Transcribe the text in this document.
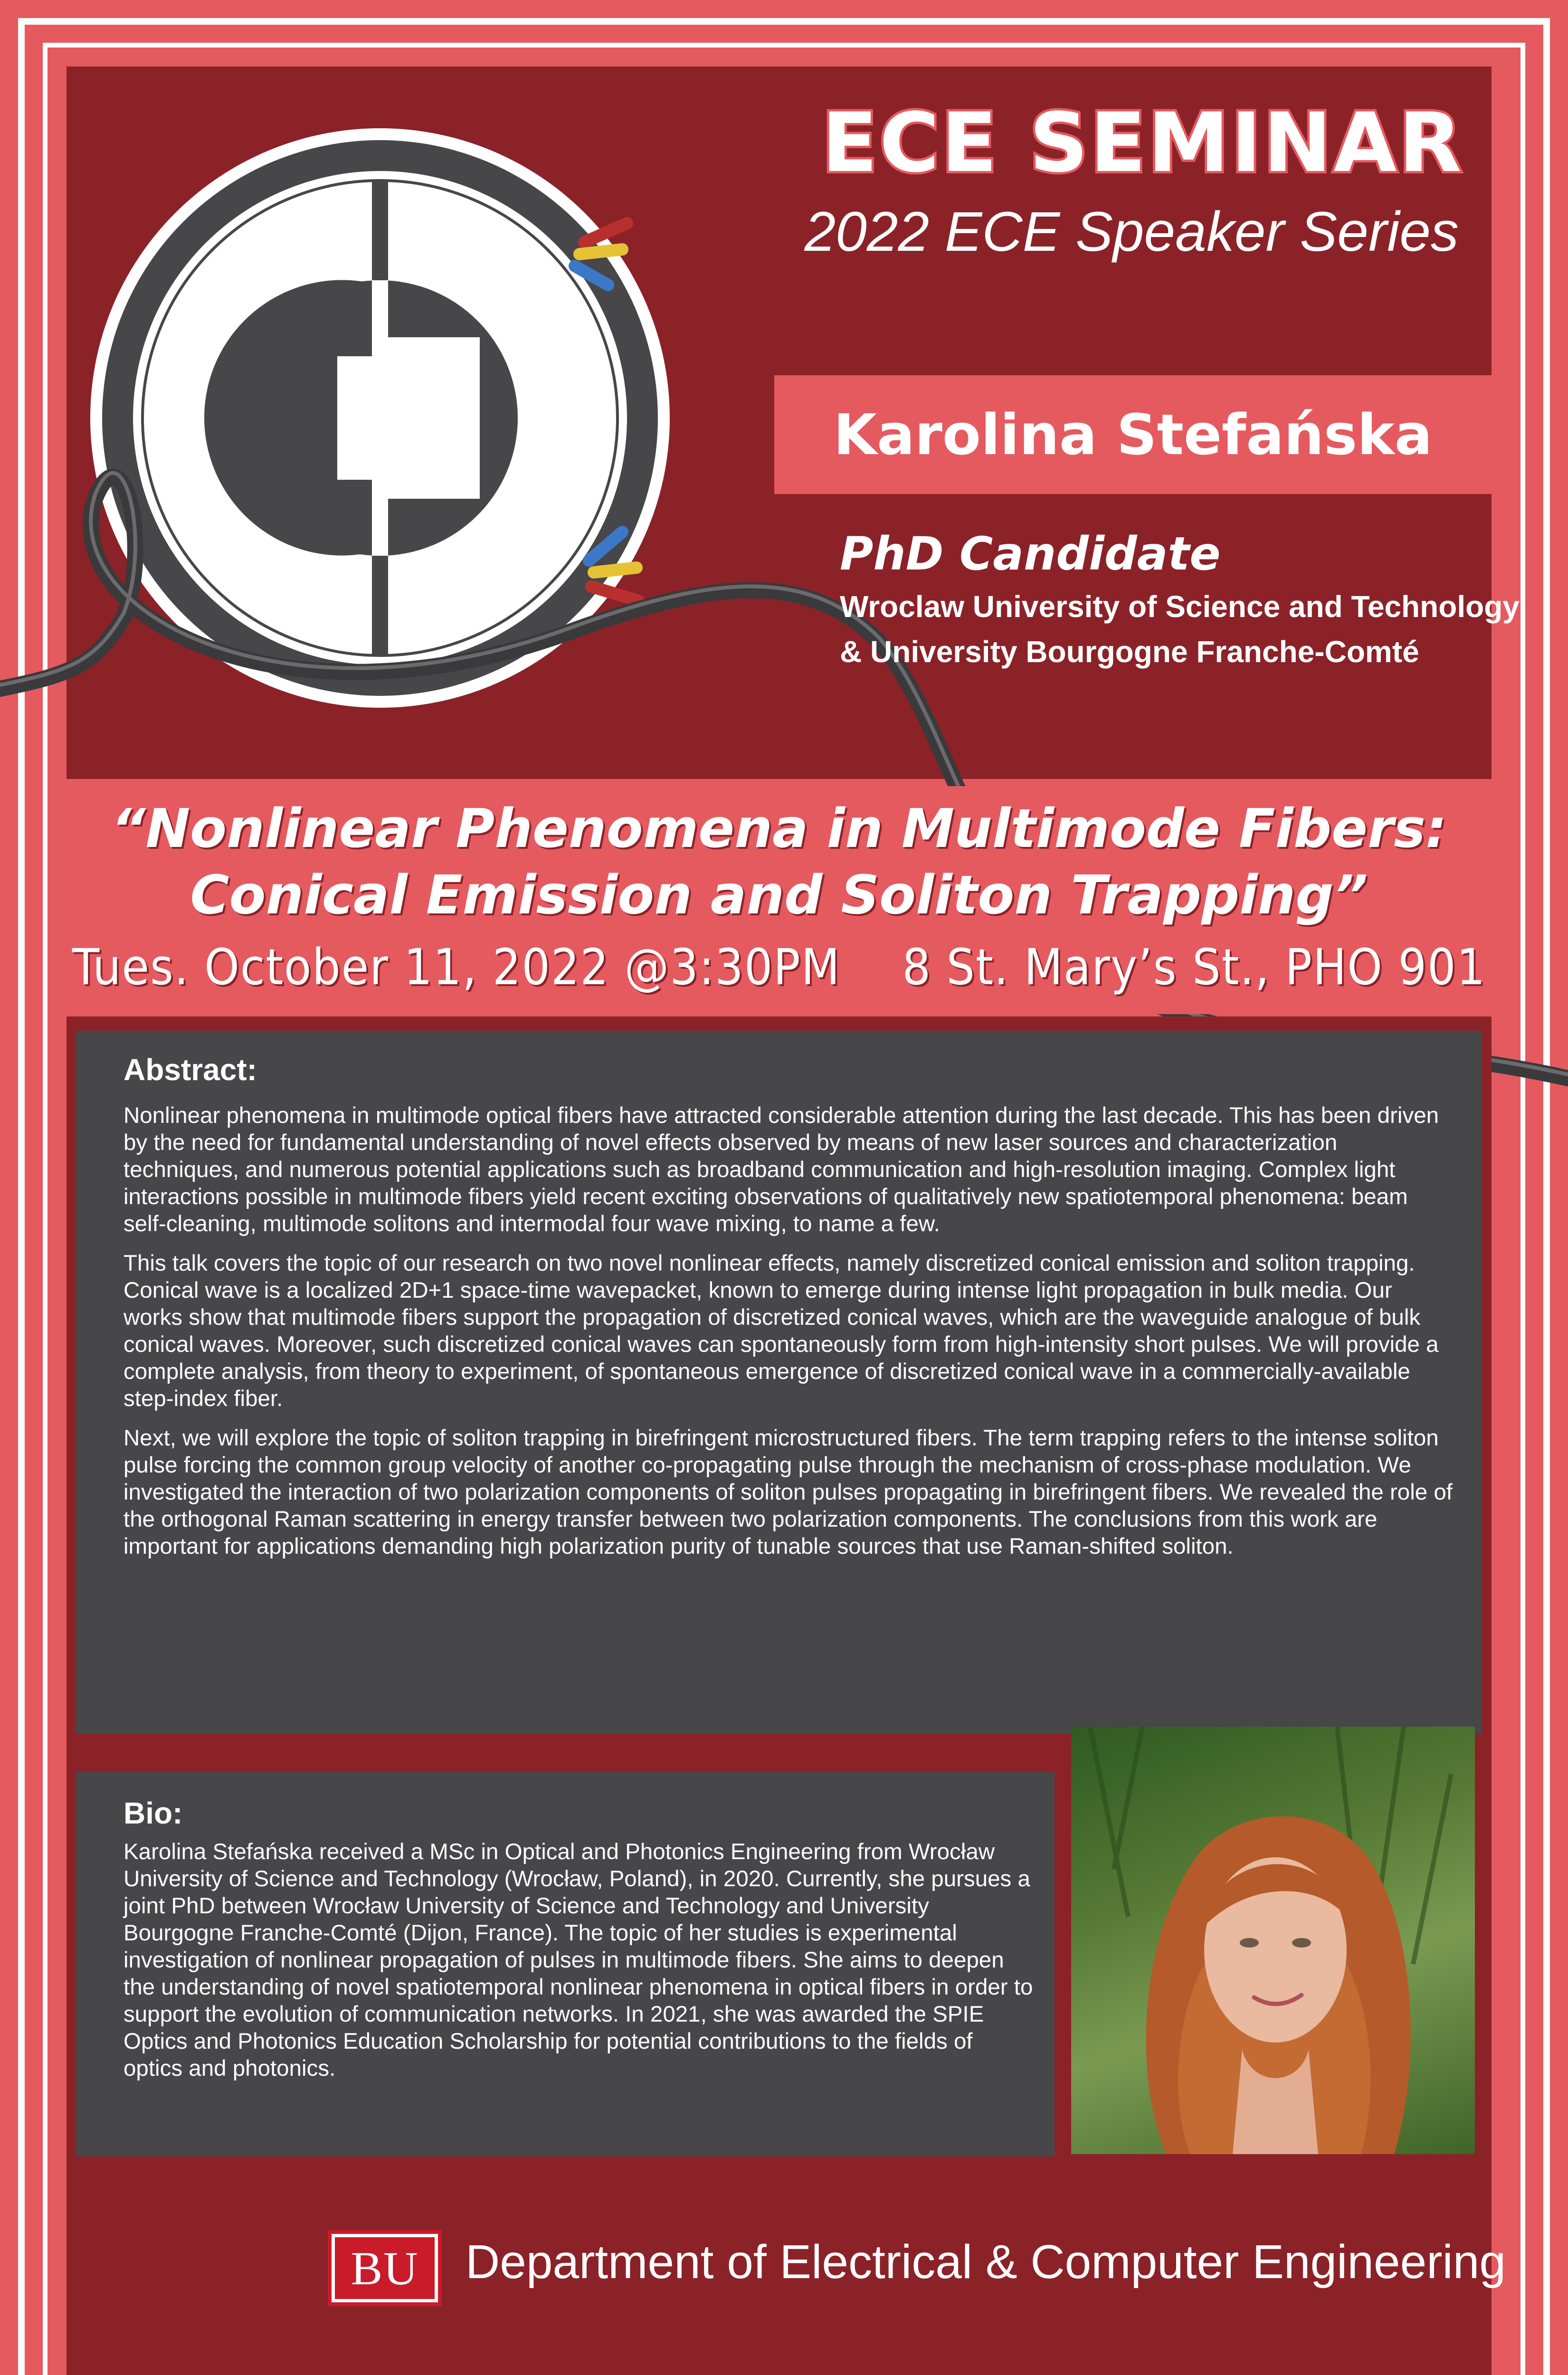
ECE SEMINAR
2022 ECE Speaker Series
Karolina Stefańska
PhD Candidate
Wroclaw University of Science and Technology
& University Bourgogne Franche-Comté
“Nonlinear Phenomena in Multimode Fibers:
Conical Emission and Soliton Trapping”
Tues. October 11, 2022 @3:30PM 8 St. Mary’s St., PHO 901
Abstract:

Nonlinear phenomena in multimode optical fibers have attracted considerable attention during the last decade. This has been driven by the need for fundamental understanding of novel effects observed by means of new laser sources and characterization techniques, and numerous potential applications such as broadband communication and high-resolution imaging. Complex light interactions possible in multimode fibers yield recent exciting observations of qualitatively new spatiotemporal phenomena: beam self-cleaning, multimode solitons and intermodal four wave mixing, to name a few.

This talk covers the topic of our research on two novel nonlinear effects, namely discretized conical emission and soliton trapping. Conical wave is a localized 2D+1 space-time wavepacket, known to emerge during intense light propagation in bulk media. Our works show that multimode fibers support the propagation of discretized conical waves, which are the waveguide analogue of bulk conical waves. Moreover, such discretized conical waves can spontaneously form from high-intensity short pulses. We will provide a complete analysis, from theory to experiment, of spontaneous emergence of discretized conical wave in a commercially-available step-index fiber.

Next, we will explore the topic of soliton trapping in birefringent microstructured fibers. The term trapping refers to the intense soliton pulse forcing the common group velocity of another co-propagating pulse through the mechanism of cross-phase modulation. We investigated the interaction of two polarization components of soliton pulses propagating in birefringent fibers. We revealed the role of the orthogonal Raman scattering in energy transfer between two polarization components. The conclusions from this work are important for applications demanding high polarization purity of tunable sources that use Raman-shifted soliton.

Bio:
Karolina Stefańska received a MSc in Optical and Photonics Engineering from Wrocław University of Science and Technology (Wrocław, Poland), in 2020. Currently, she pursues a joint PhD between Wrocław University of Science and Technology and University Bourgogne Franche-Comté (Dijon, France). The topic of her studies is experimental investigation of nonlinear propagation of pulses in multimode fibers. She aims to deepen the understanding of novel spatiotemporal nonlinear phenomena in optical fibers in order to support the evolution of communication networks. In 2021, she was awarded the SPIE Optics and Photonics Education Scholarship for potential contributions to the fields of optics and photonics.
BU Department of Electrical & Computer Engineering
